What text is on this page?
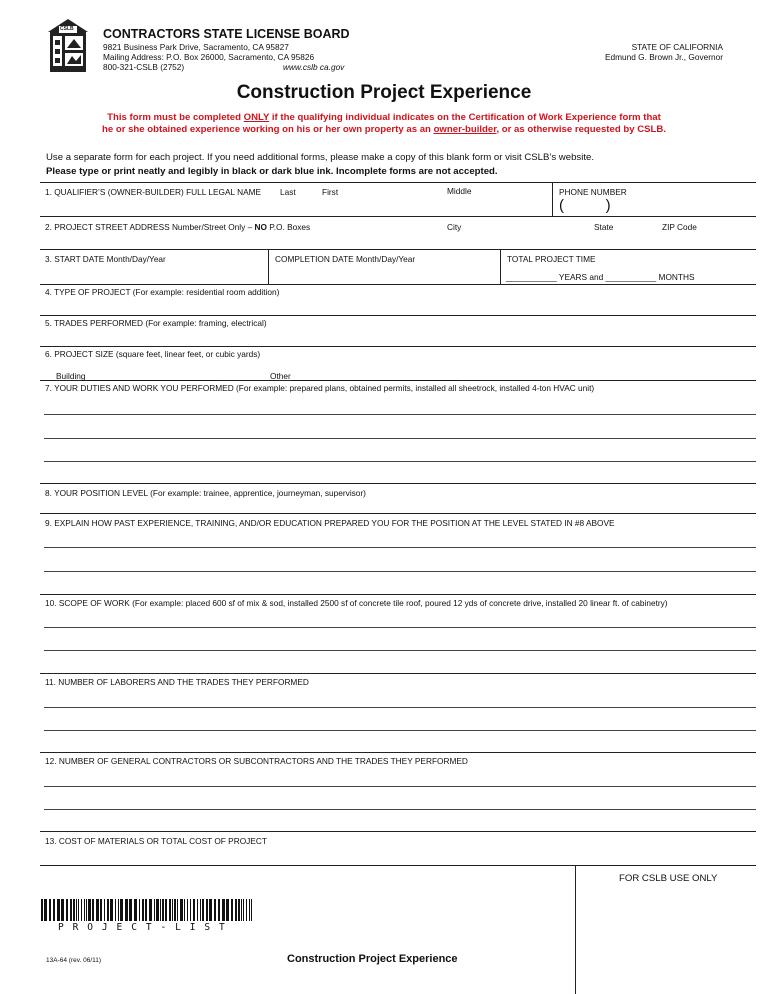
CSLB CONTRACTORS STATE LICENSE BOARD
9821 Business Park Drive, Sacramento, CA 95827
Mailing Address: P.O. Box 26000, Sacramento, CA 95826
800-321-CSLB (2752)	www.cslb ca.gov
STATE OF CALIFORNIA
Edmund G. Brown Jr., Governor
Construction Project Experience
This form must be completed ONLY if the qualifying individual indicates on the Certification of Work Experience form that
he or she obtained experience working on his or her own property as an owner-builder, or as otherwise requested by CSLB.
Use a separate form for each project. If you need additional forms, please make a copy of this blank form or visit CSLB’s website.
Please type or print neatly and legibly in black or dark blue ink. Incomplete forms are not accepted.
1. QUALIFIER’S (OWNER-BUILDER) FULL LEGAL NAME Last	First	Middle	PHONE NUMBER
(          )
2. PROJECT STREET ADDRESS Number/Street Only – NO P.O. Boxes	City	State	ZIP Code
3. START DATE Month/Day/Year	COMPLETION DATE Month/Day/Year	TOTAL PROJECT TIME
___________ YEARS and ___________ MONTHS
4. TYPE OF PROJECT (For example: residential room addition)
5. TRADES PERFORMED (For example: framing, electrical)
6. PROJECT SIZE (square feet, linear feet, or cubic yards)
Building ____________________________	Other ____________________________________
7. YOUR DUTIES AND WORK YOU PERFORMED (For example: prepared plans, obtained permits, installed all sheetrock, installed 4-ton HVAC unit)
8. YOUR POSITION LEVEL (For example: trainee, apprentice, journeyman, supervisor)
9. EXPLAIN HOW PAST EXPERIENCE, TRAINING, AND/OR EDUCATION PREPARED YOU FOR THE POSITION AT THE LEVEL STATED IN #8 ABOVE
10. SCOPE OF WORK (For example: placed 600 sf of mix & sod, installed 2500 sf of concrete tile roof, poured 12 yds of concrete drive, installed 20 linear ft. of cabinetry)
11. NUMBER OF LABORERS AND THE TRADES THEY PERFORMED
12. NUMBER OF GENERAL CONTRACTORS OR SUBCONTRACTORS AND THE TRADES THEY PERFORMED
13. COST OF MATERIALS OR TOTAL COST OF PROJECT
FOR CSLB USE ONLY
P R O J E C T - L I S T
13A-64 (rev. 06/11)	Construction Project Experience
